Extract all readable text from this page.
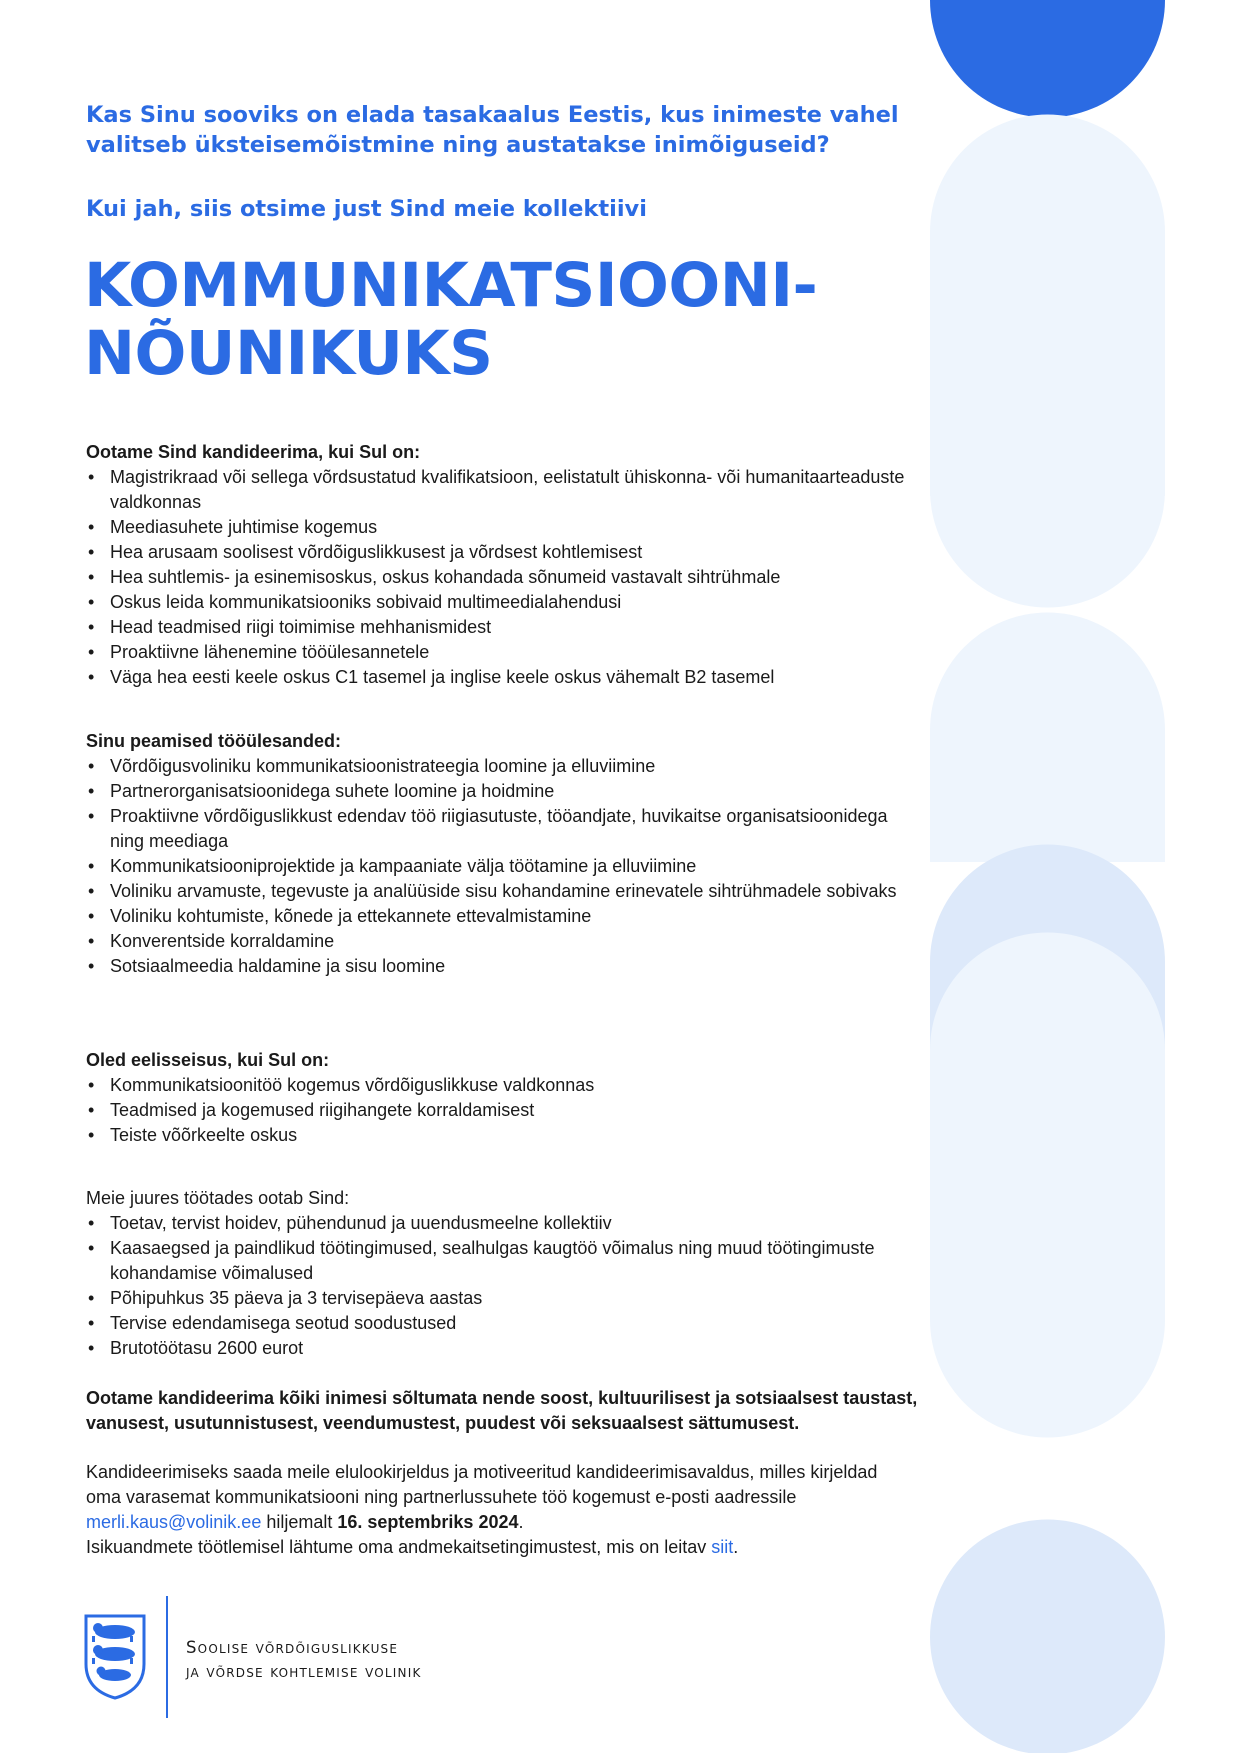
Kas Sinu sooviks on elada tasakaalus Eestis, kus inimeste vahel valitseb üksteisemõistmine ning austatakse inimõiguseid?

Kui jah, siis otsime just Sind meie kollektiivi

KOMMUNIKATSIOONI-
NÕUNIKUKS
Ootame Sind kandideerima, kui Sul on:
• Magistrikraad või sellega võrdsustatud kvalifikatsioon, eelistatult ühiskonna- või humanitaarteaduste valdkonnas
• Meediasuhete juhtimise kogemus
• Hea arusaam soolisest võrdõiguslikkusest ja võrdsest kohtlemisest
• Hea suhtlemis- ja esinemisoskus, oskus kohandada sõnumeid vastavalt sihtrühmale
• Oskus leida kommunikatsiooniks sobivaid multimeedialahendusi
• Head teadmised riigi toimimise mehhanismidest
• Proaktiivne lähenemine tööülesannetele
• Väga hea eesti keele oskus C1 tasemel ja inglise keele oskus vähemalt B2 tasemel
Sinu peamised tööülesanded:
• Võrdõigusvoliniku kommunikatsioonistrateegia loomine ja elluviimine
• Partnerorganisatsioonidega suhete loomine ja hoidmine
• Proaktiivne võrdõiguslikkust edendav töö riigiasutuste, tööandjate, huvikaitse organisatsioonidega ning meediaga
• Kommunikatsiooniprojektide ja kampaaniate välja töötamine ja elluviimine
• Voliniku arvamuste, tegevuste ja analüüside sisu kohandamine erinevatele sihtrühmadele sobivaks
• Voliniku kohtumiste, kõnede ja ettekannete ettevalmistamine
• Konverentside korraldamine
• Sotsiaalmeedia haldamine ja sisu loomine
Oled eelisseisus, kui Sul on:
• Kommunikatsioonitöö kogemus võrdõiguslikkuse valdkonnas
• Teadmised ja kogemused riigihangete korraldamisest
• Teiste võõrkeelte oskus

Meie juures töötades ootab Sind:

• Toetav, tervist hoidev, pühendunud ja uuendusmeelne kollektiiv
• Kaasaegsed ja paindlikud töötingimused, sealhulgas kaugtöö võimalus ning muud töötingimuste kohandamise võimalused
• Põhipuhkus 35 päeva ja 3 tervisepäeva aastas
• Tervise edendamisega seotud soodustused
• Brutotöötasu 2600 eurot

Ootame kandideerima kõiki inimesi sõltumata nende soost, kultuurilisest ja sotsiaalsest taustast, vanusest, usutunnistusest, veendumustest, puudest või seksuaalsest sättumusest.

Kandideerimiseks saada meile elulookirjeldus ja motiveeritud kandideerimisavaldus, milles kirjeldad oma varasemat kommunikatsiooni ning partnerlussuhete töö kogemust e-posti aadressile merli.kaus@volinik.ee hiljemalt 16. septembriks 2024.
Isikuandmete töötlemisel lähtume oma andmekaitsetingimustest, mis on leitav siit.

Soolise võrdõiguslikkuse
ja võrdse kohtlemise volinik
